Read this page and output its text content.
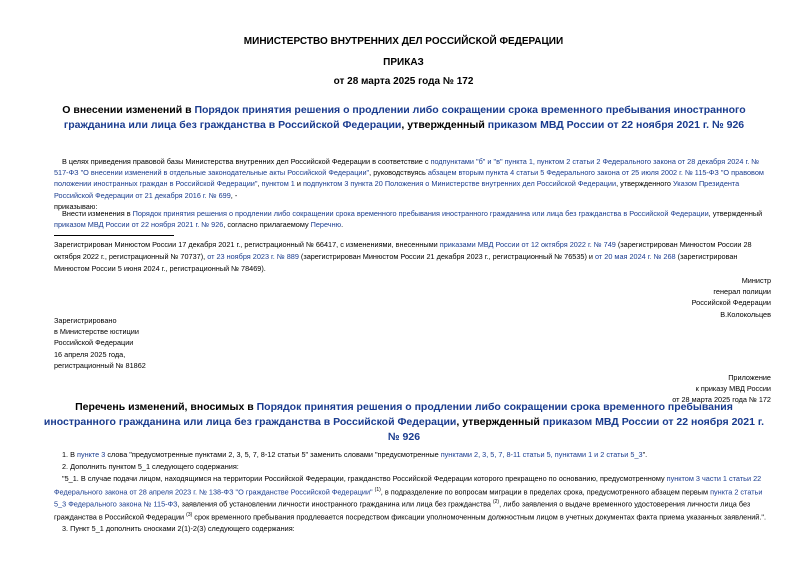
МИНИСТЕРСТВО ВНУТРЕННИХ ДЕЛ РОССИЙСКОЙ ФЕДЕРАЦИИ
ПРИКАЗ
от 28 марта 2025 года № 172
О внесении изменений в Порядок принятия решения о продлении либо сокращении срока временного пребывания иностранного гражданина или лица без гражданства в Российской Федерации, утвержденный приказом МВД России от 22 ноября 2021 г. № 926

В целях приведения правовой базы Министерства внутренних дел Российской Федерации в соответствие с подпунктами "б" и "в" пункта 1, пунктом 2 статьи 2 Федерального закона от 28 декабря 2024 г. № 517-ФЗ "О внесении изменений в отдельные законодательные акты Российской Федерации", руководствуясь абзацем вторым пункта 4 статьи 5 Федерального закона от 25 июля 2002 г. № 115-ФЗ "О правовом положении иностранных граждан в Российской Федерации", пунктом 1 и подпунктом 3 пункта 20 Положения о Министерстве внутренних дел Российской Федерации, утвержденного Указом Президента Российской Федерации от 21 декабря 2016 г. № 699, -

приказываю:

Внести изменения в Порядок принятия решения о продлении либо сокращении срока временного пребывания иностранного гражданина или лица без гражданства в Российской Федерации, утвержденный приказом МВД России от 22 ноября 2021 г. № 926, согласно прилагаемому Перечню.

Зарегистрирован Минюстом России 17 декабря 2021 г., регистрационный № 66417, с изменениями, внесенными приказами МВД России от 12 октября 2022 г. № 749 (зарегистрирован Минюстом России 28 октября 2022 г., регистрационный № 70737), от 23 ноября 2023 г. № 889 (зарегистрирован Минюстом России 21 декабря 2023 г., регистрационный № 76535) и от 20 мая 2024 г. № 268 (зарегистрирован Минюстом России 5 июня 2024 г., регистрационный № 78469).
Министр
генерал полиции
Российской Федерации
В.Колокольцев
Зарегистрировано
в Министерстве юстиции
Российской Федерации
16 апреля 2025 года,
регистрационный № 81862
Приложение
к приказу МВД России
от 28 марта 2025 года № 172
Перечень изменений, вносимых в Порядок принятия решения о продлении либо сокращении срока временного пребывания иностранного гражданина или лица без гражданства в Российской Федерации, утвержденный приказом МВД России от 22 ноября 2021 г. № 926

1. В пункте 3 слова "предусмотренные пунктами 2, 3, 5, 7, 8-12 статьи 5" заменить словами "предусмотренные пунктами 2, 3, 5, 7, 8-11 статьи 5, пунктами 1 и 2 статьи 5_3".

2. Дополнить пунктом 5_1 следующего содержания:

"5_1. В случае подачи лицом, находящимся на территории Российской Федерации, гражданство Российской Федерации которого прекращено по основанию, предусмотренному пунктом 3 части 1 статьи 22 Федерального закона от 28 апреля 2023 г. № 138-ФЗ "О гражданстве Российской Федерации" $^{(1)}$, в подразделение по вопросам миграции в пределах срока, предусмотренного абзацем первым пункта 2 статьи 5_3 Федерального закона № 115-ФЗ, заявления об установлении личности иностранного гражданина или лица без гражданства $^{(2)}$, либо заявления о выдаче временного удостоверения личности лица без гражданства в Российской Федерации $^{(3)}$ срок временного пребывания продлевается посредством фиксации уполномоченным должностным лицом в учетных документах факта приема указанных заявлений.".

3. Пункт 5_1 дополнить сносками 2(1)-2(3) следующего содержания:
